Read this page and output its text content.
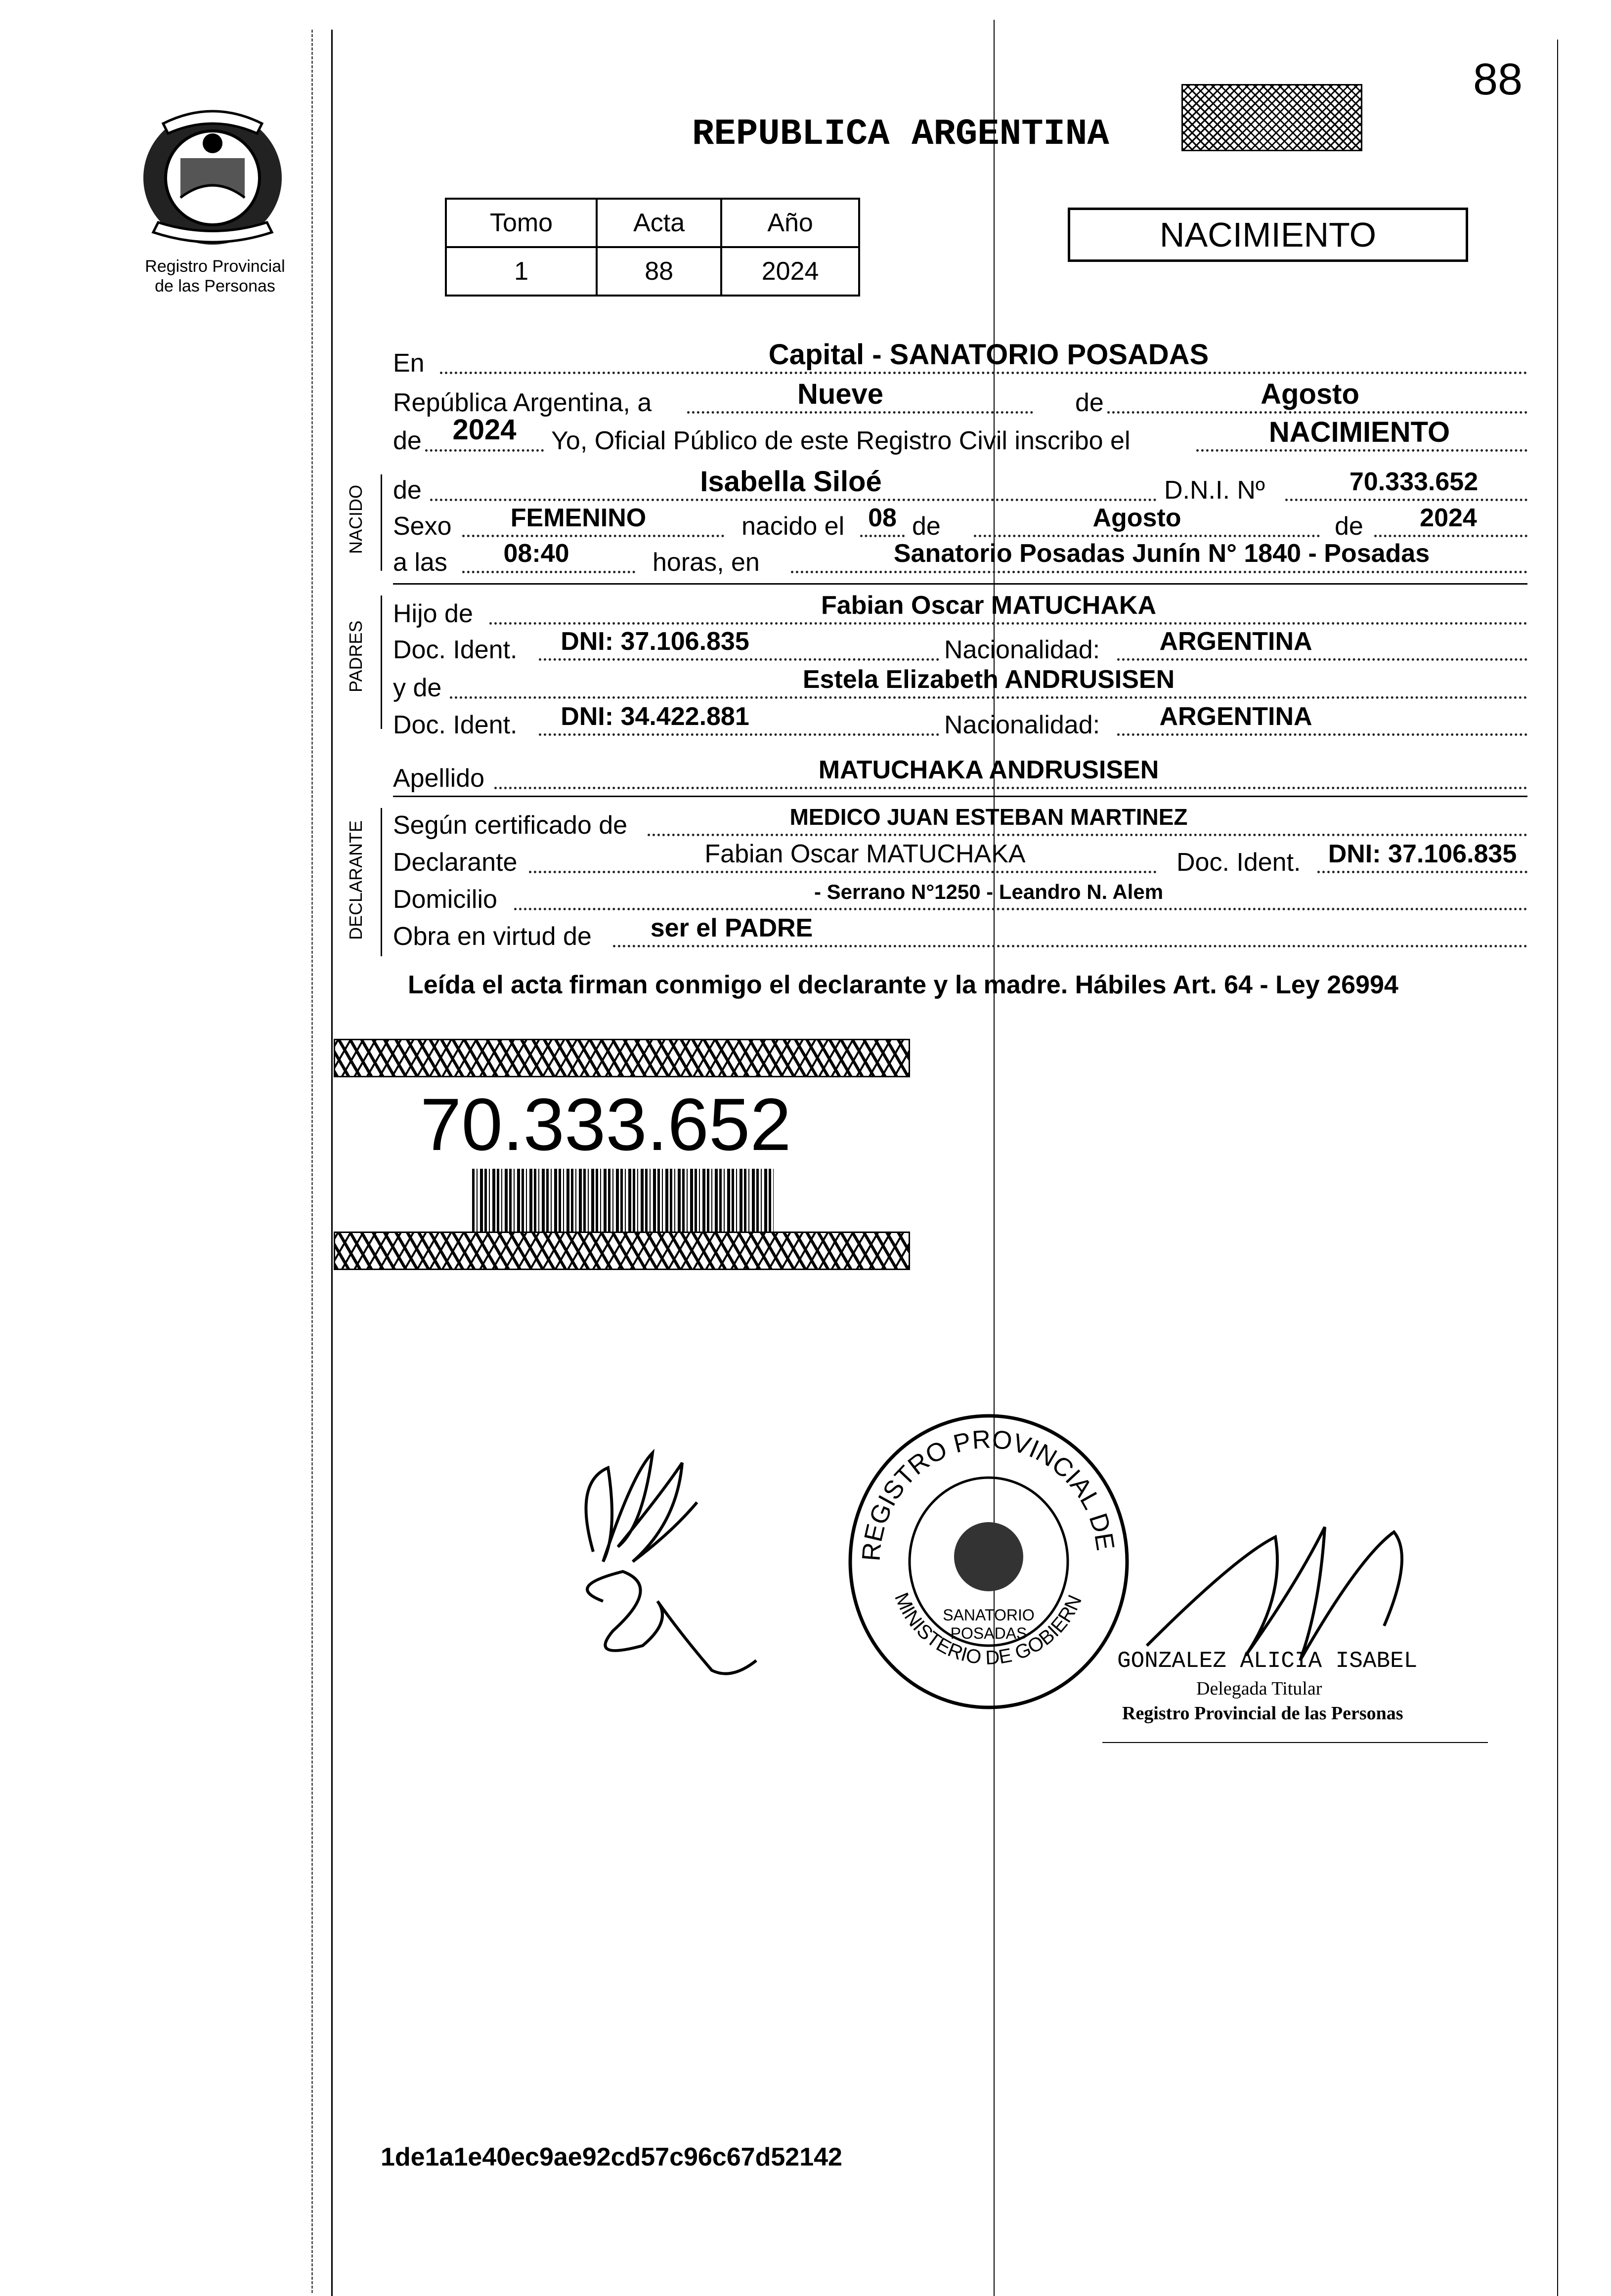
88
Registro Provincial
de las Personas
REPUBLICA ARGENTINA
Tomo	Acta	Año
1	88	2024
NACIMIENTO
En	Capital - SANATORIO POSADAS
República Argentina, a	Nueve	de	Agosto
de	2024	Yo, Oficial Público de este Registro Civil inscribo el	NACIMIENTO
NACIDO de	Isabella Siloé	D.N.I. Nº	70.333.652
Sexo	FEMENINO	nacido el 08 de	Agosto	de	2024
a las	08:40	horas, en	Sanatorio Posadas Junín N° 1840 - Posadas
PADRES
Hijo de	Fabian Oscar MATUCHAKA
Doc. Ident.	DNI: 37.106.835	Nacionalidad:	ARGENTINA
y de	Estela Elizabeth ANDRUSISEN
Doc. Ident.	DNI: 34.422.881	Nacionalidad:	ARGENTINA
Apellido	MATUCHAKA ANDRUSISEN
DECLARANTE Según certificado de	MEDICO JUAN ESTEBAN MARTINEZ
Declarante	Fabian Oscar MATUCHAKA	Doc. Ident.	DNI: 37.106.835
Domicilio	- Serrano N°1250 - Leandro N. Alem
Obra en virtud de	ser el PADRE
Leída el acta firman conmigo el declarante y la madre. Hábiles Art. 64 - Ley 26994
70.333.652
REGISTRO PROVINCIAL DE
MINISTERIO DE GOBIERN
SANATORIO POSADAS
GONZALEZ ALICIA ISABEL
Delegada Titular
Registro Provincial de las Personas
1de1a1e40ec9ae92cd57c96c67d52142
